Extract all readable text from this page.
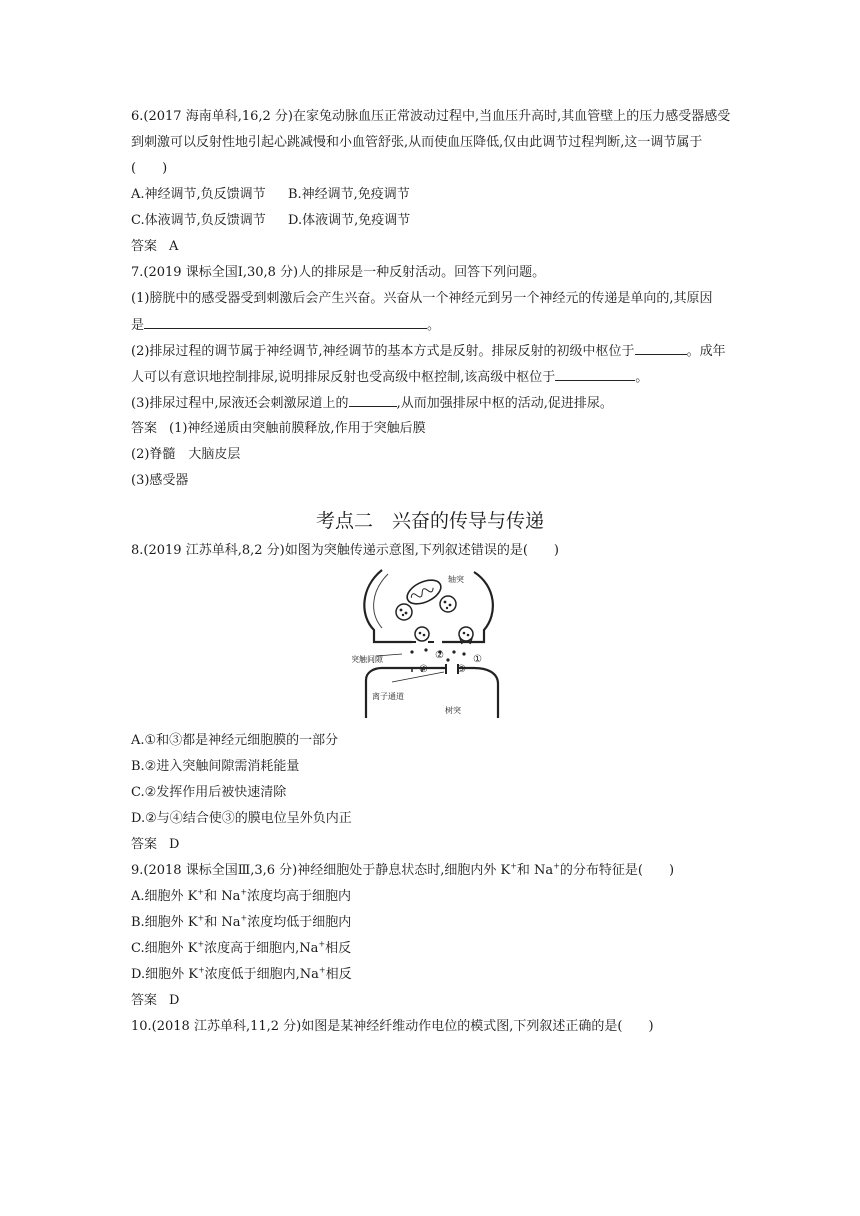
6.(2017 海南单科,16,2 分)在家兔动脉血压正常波动过程中,当血压升高时,其血管壁上的压力感受器感受
到刺激可以反射性地引起心跳减慢和小血管舒张,从而使血压降低,仅由此调节过程判断,这一调节属于
(　　)
A.神经调节,负反馈调节 B.神经调节,免疫调节
C.体液调节,负反馈调节 D.体液调节,免疫调节
答案 A
7.(2019 课标全国Ⅰ,30,8 分)人的排尿是一种反射活动。回答下列问题。
(1)膀胱中的感受器受到刺激后会产生兴奋。兴奋从一个神经元到另一个神经元的传递是单向的,其原因
是	。
(2)排尿过程的调节属于神经调节,神经调节的基本方式是反射。排尿反射的初级中枢位于	。成年
人可以有意识地控制排尿,说明排尿反射也受高级中枢控制,该高级中枢位于	。
(3)排尿过程中,尿液还会刺激尿道上的	,从而加强排尿中枢的活动,促进排尿。
答案 (1)神经递质由突触前膜释放,作用于突触后膜
(2)脊髓　大脑皮层
(3)感受器
考点二　兴奋的传导与传递
8.(2019 江苏单科,8,2 分)如图为突触传递示意图,下列叙述错误的是(　　)
轴突
突触间隙
离子通道
树突
①
②
③
④
A.①和③都是神经元细胞膜的一部分
B.②进入突触间隙需消耗能量
C.②发挥作用后被快速清除
D.②与④结合使③的膜电位呈外负内正
答案 D
9.(2018 课标全国Ⅲ,3,6 分)神经细胞处于静息状态时,细胞内外 K+和 Na+的分布特征是(　　)
A.细胞外 K+和 Na+浓度均高于细胞内
B.细胞外 K+和 Na+浓度均低于细胞内
C.细胞外 K+浓度高于细胞内,Na+相反
D.细胞外 K+浓度低于细胞内,Na+相反
答案 D
10.(2018 江苏单科,11,2 分)如图是某神经纤维动作电位的模式图,下列叙述正确的是(　　)
